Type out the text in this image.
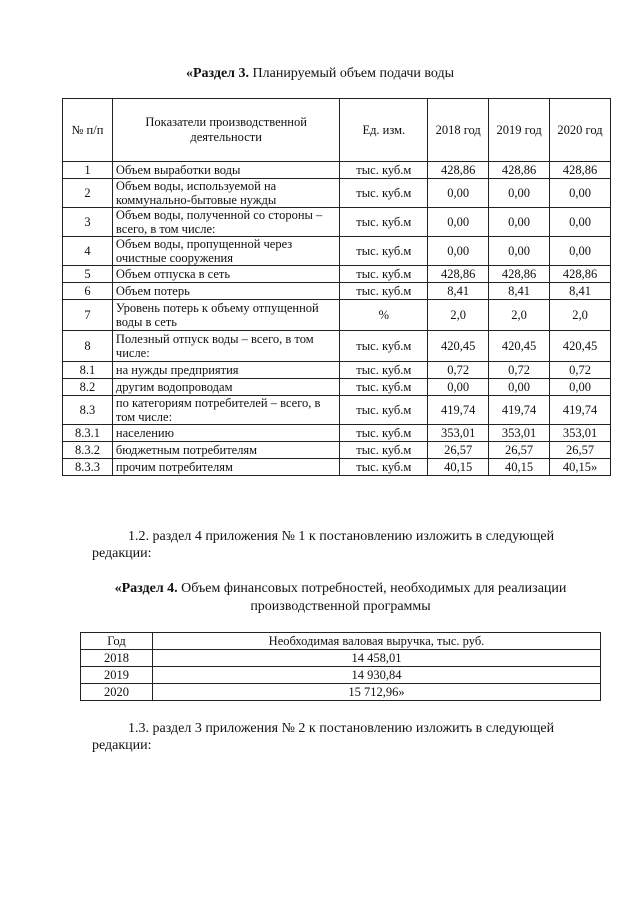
«Раздел 3. Планируемый объем подачи воды
№ п/п	Показатели производственной деятельности	Ед. изм.	2018 год	2019 год	2020 год
1	Объем выработки воды	тыс. куб.м	428,86	428,86	428,86
2	Объем воды, используемой на коммунально-бытовые нужды	тыс. куб.м	0,00	0,00	0,00
3	Объем воды, полученной со стороны – всего, в том числе:	тыс. куб.м	0,00	0,00	0,00
4	Объем воды, пропущенной через очистные сооружения	тыс. куб.м	0,00	0,00	0,00
5	Объем отпуска в сеть	тыс. куб.м	428,86	428,86	428,86
6	Объем потерь	тыс. куб.м	8,41	8,41	8,41
7	Уровень потерь к объему отпущенной воды в сеть	%	2,0	2,0	2,0
8	Полезный отпуск воды – всего, в том числе:	тыс. куб.м	420,45	420,45	420,45
8.1	на нужды предприятия	тыс. куб.м	0,72	0,72	0,72
8.2	другим водопроводам	тыс. куб.м	0,00	0,00	0,00
8.3	по категориям потребителей – всего, в том числе:	тыс. куб.м	419,74	419,74	419,74
8.3.1	населению	тыс. куб.м	353,01	353,01	353,01
8.3.2	бюджетным потребителям	тыс. куб.м	26,57	26,57	26,57
8.3.3	прочим потребителям	тыс. куб.м	40,15	40,15	40,15»
1.2. раздел 4 приложения № 1 к постановлению изложить в следующей редакции:
«Раздел 4. Объем финансовых потребностей, необходимых для реализации производственной программы
Год	Необходимая валовая выручка, тыс. руб.
2018	14 458,01
2019	14 930,84
2020	15 712,96»
1.3. раздел 3 приложения № 2 к постановлению изложить в следующей редакции:
